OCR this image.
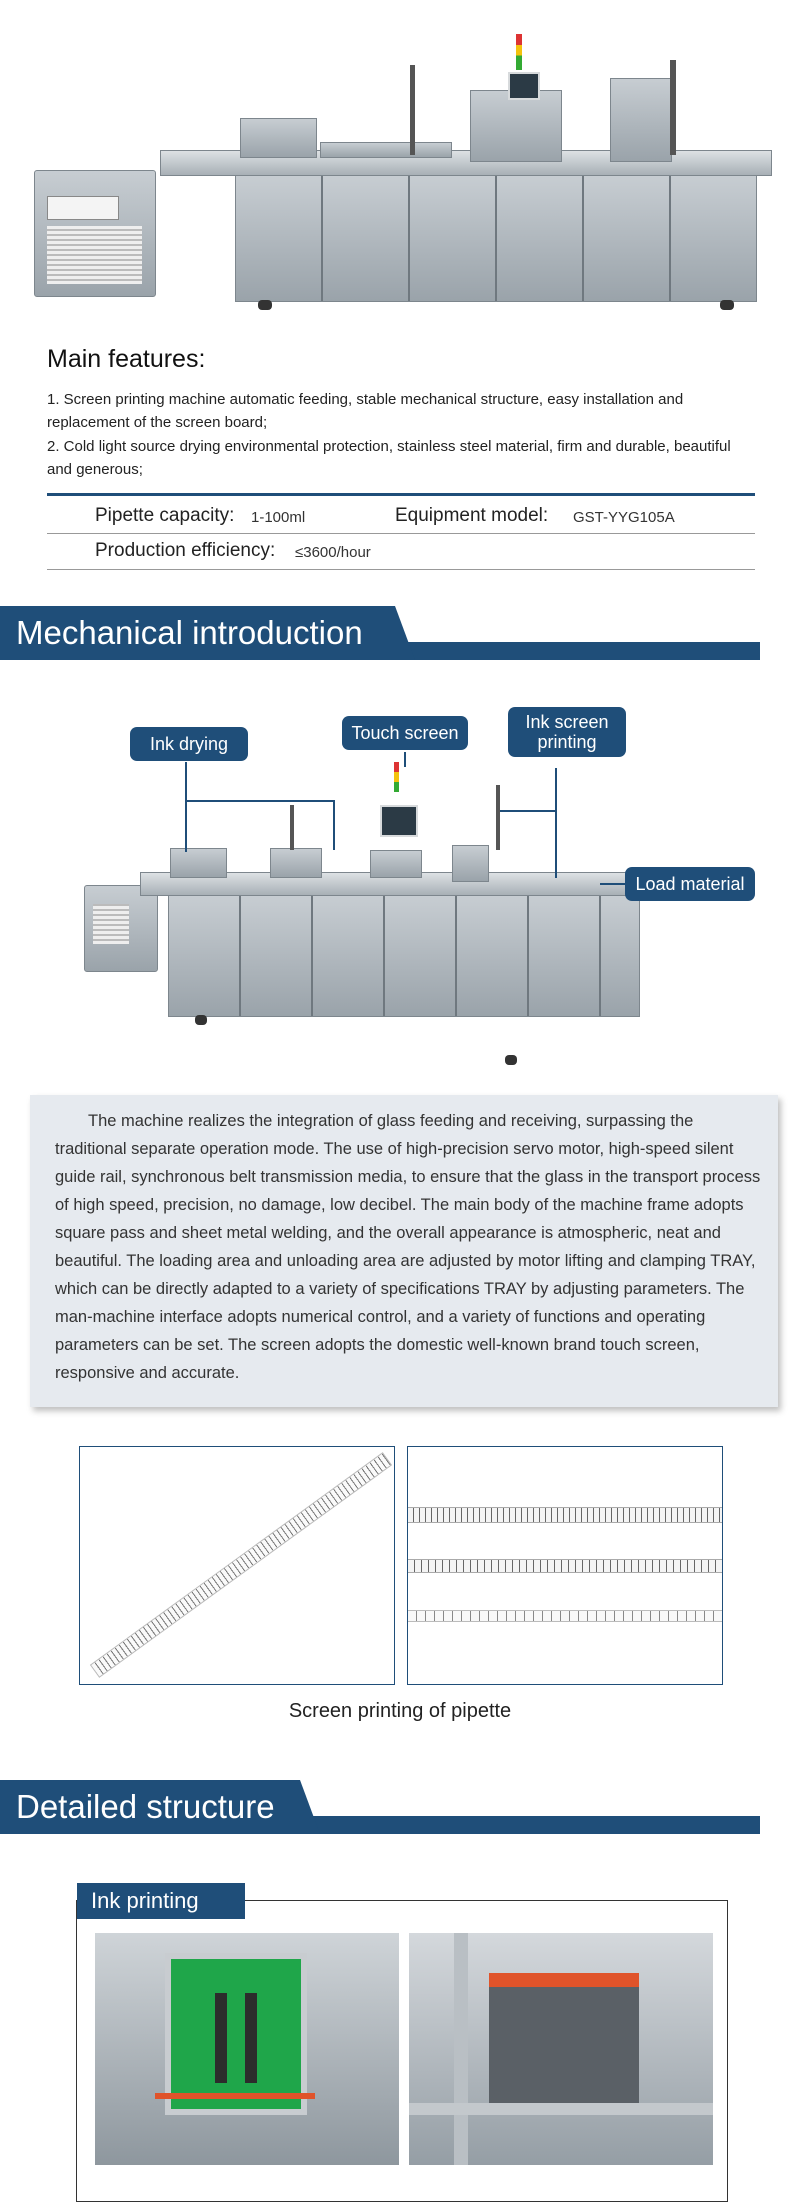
Main features:
1. Screen printing machine automatic feeding, stable mechanical structure, easy installation and replacement of the screen board;
2. Cold light source drying environmental protection, stainless steel material, firm and durable, beautiful and generous;
Pipette capacity: 1-100ml	Equipment model: GST-YYG105A
Production efficiency: ≤3600/hour
Mechanical introduction
Ink drying
Touch screen
Ink screen printing
Load material
The machine realizes the integration of glass feeding and receiving, surpassing the traditional separate operation mode. The use of high-precision servo motor, high-speed silent guide rail, synchronous belt transmission media, to ensure that the glass in the transport process of high speed, precision, no damage, low decibel. The main body of the machine frame adopts square pass and sheet metal welding, and the overall appearance is atmospheric, neat and beautiful. The loading area and unloading area are adjusted by motor lifting and clamping TRAY, which can be directly adapted to a variety of specifications TRAY by adjusting parameters. The man-machine interface adopts numerical control, and a variety of functions and operating parameters can be set. The screen adopts the domestic well-known brand touch screen, responsive and accurate.
Screen printing of pipette
Detailed structure
Ink printing
